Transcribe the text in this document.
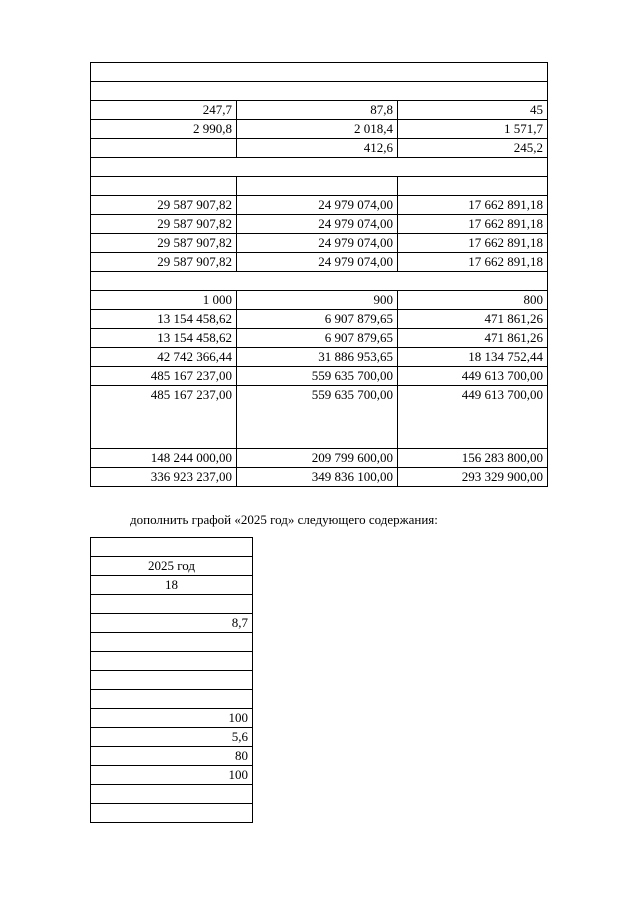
247,7	87,8	45
2 990,8	2 018,4	1 571,7
	412,6	245,2

29 587 907,82	24 979 074,00	17 662 891,18
29 587 907,82	24 979 074,00	17 662 891,18
29 587 907,82	24 979 074,00	17 662 891,18
29 587 907,82	24 979 074,00	17 662 891,18

1 000	900	800
13 154 458,62	6 907 879,65	471 861,26
13 154 458,62	6 907 879,65	471 861,26
42 742 366,44	31 886 953,65	18 134 752,44
485 167 237,00	559 635 700,00	449 613 700,00
485 167 237,00	559 635 700,00	449 613 700,00
148 244 000,00	209 799 600,00	156 283 800,00
336 923 237,00	349 836 100,00	293 329 900,00
дополнить графой «2025 год» следующего содержания:

2025 год
18

8,7

100
5,6
80
100
